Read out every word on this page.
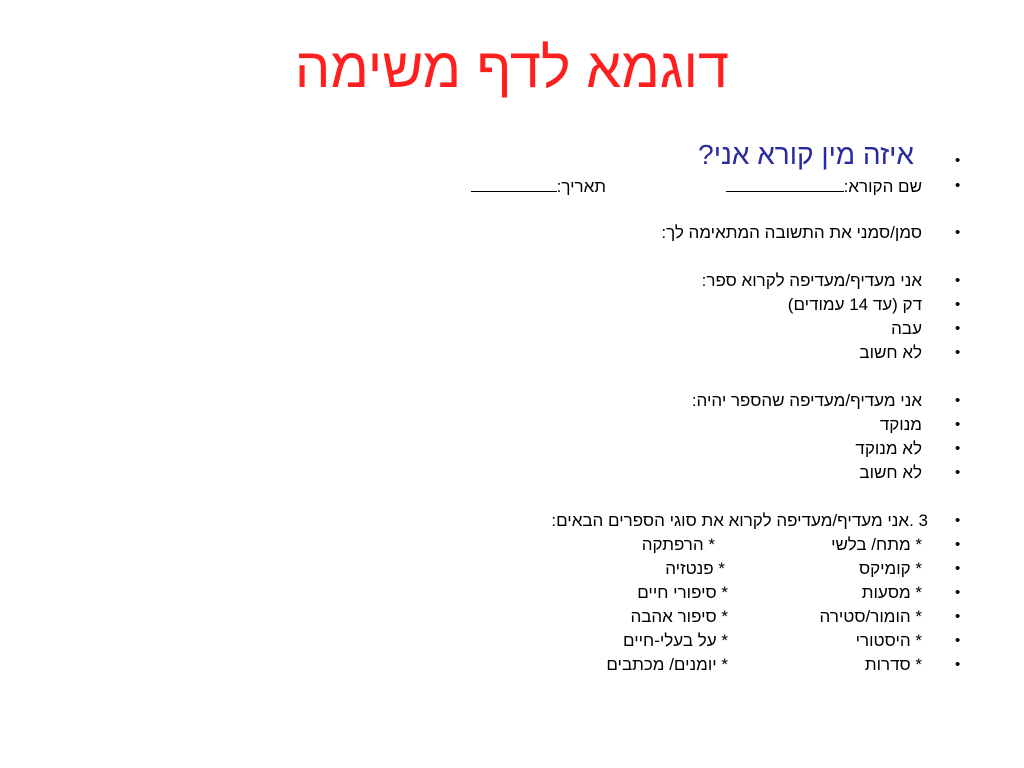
דוגמא לדף משימה
•
איזה מין קורא אני?
•
שם הקורא:
תאריך:
•
סמן/סמני את התשובה המתאימה לך:
•
אני מעדיף/מעדיפה לקרוא ספר:
•
דק (עד 14 עמודים)
•
עבה
•
לא חשוב
•
אני מעדיף/מעדיפה שהספר יהיה:
•
מנוקד
•
לא מנוקד
•
לא חשוב
•
3 .אני מעדיף/מעדיפה לקרוא את סוגי הספרים הבאים:
•
* מתח/ בלשי
* הרפתקה
•
* קומיקס
* פנטזיה
•
* מסעות
* סיפורי חיים
•
* הומור/סטירה
* סיפור אהבה
•
* היסטורי
* על בעלי-חיים
•
* סדרות
* יומנים/ מכתבים
